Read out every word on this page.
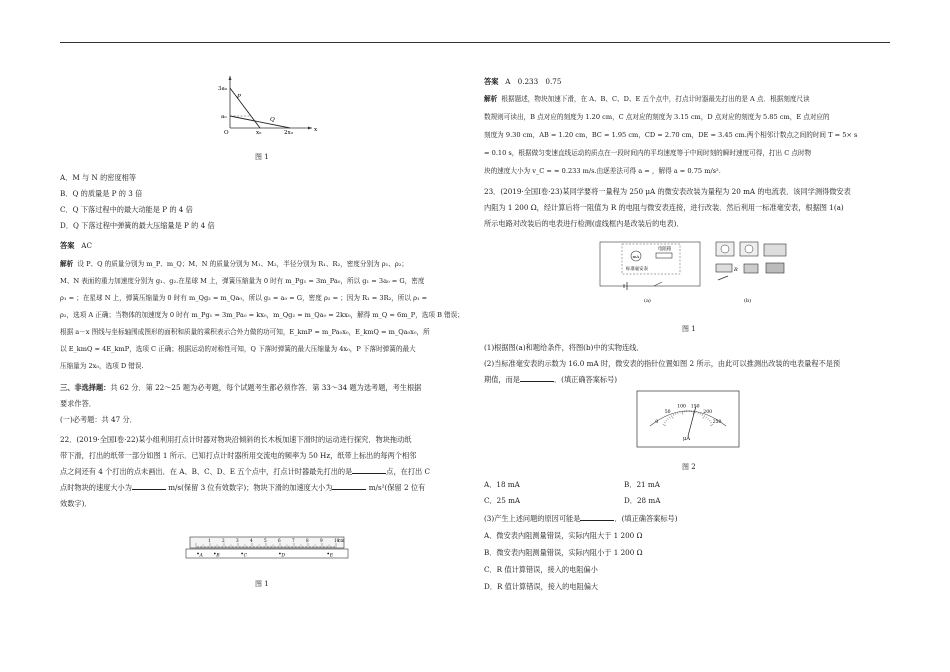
3a₀
a₀
O	x₀	2x₀	x
P
Q
图 1
A．M 与 N 的密度相等
B．Q 的质量是 P 的 3 倍
C．Q 下落过程中的最大动能是 P 的 4 倍
D．Q 下落过程中弹簧的最大压缩量是 P 的 4 倍
答案 AC
解析 设 P、Q 的质量分别为 m_P、m_Q；M、N 的质量分别为 M₁、M₂，半径分别为 R₁、R₂，密度分别为 ρ₁、ρ₂；
M、N 表面的重力加速度分别为 g₁、g₂.在星球 M 上，弹簧压缩量为 0 时有 m_Pg₁ = 3m_Pa₀，所以 g₁ = 3a₀ = G，密度
ρ₁ = ；在星球 N 上，弹簧压缩量为 0 时有 m_Qg₂ = m_Qa₀，所以 g₂ = a₀ = G，密度 ρ₂ = ；因为 R₁ = 3R₂，所以 ρ₁ =
ρ₂，选项 A 正确；当物体的加速度为 0 时有 m_Pg₁ = 3m_Pa₀ = kx₀，m_Qg₂ = m_Qa₀ = 2kx₀，解得 m_Q = 6m_P，选项 B 错误；
根据 a－x 图线与坐标轴围成图形的面积和质量的乘积表示合外力做的功可知，E_kmP = m_Pa₀x₀，E_kmQ = m_Qa₀x₀，所
以 E_kmQ = 4E_kmP，选项 C 正确；根据运动的对称性可知，Q 下落时弹簧的最大压缩量为 4x₀，P 下落时弹簧的最大
压缩量为 2x₀，选项 D 错误.
三、非选择题：共 62 分．第 22～25 题为必考题，每个试题考生都必须作答．第 33～34 题为选考题，考生根据
要求作答．
(一)必考题：共 47 分．
22．(2019·全国Ⅰ卷·22)某小组利用打点计时器对物块沿倾斜的长木板加速下滑时的运动进行探究．物块拖动纸
带下滑，打出的纸带一部分如图 1 所示．已知打点计时器所用交流电的频率为 50 Hz，纸带上标出的每两个相邻
点之间还有 4 个打出的点未画出．在 A、B、C、D、E 五个点中，打点计时器最先打出的是	点，在打出 C
点时物块的速度大小为	m/s(保留 3 位有效数字)；物块下滑的加速度大小为	m/s²(保留 2 位有
效数字)．
1	2	3	4	5	6	7	8	9	10
cm
A	B	C	D	E
图 1
答案 A　0.233　0.75
解析 根据题述，物块加速下滑，在 A、B、C、D、E 五个点中，打点计时器最先打出的是 A 点．根据刻度尺读
数规则可读出，B 点对应的刻度为 1.20 cm，C 点对应的刻度为 3.15 cm，D 点对应的刻度为 5.85 cm，E 点对应的
刻度为 9.30 cm，AB = 1.20 cm，BC = 1.95 cm，CD = 2.70 cm，DE = 3.45 cm.两个相邻计数点之间的时间 T = 5× s
= 0.10 s，根据做匀变速直线运动的质点在一段时间内的平均速度等于中间时刻的瞬时速度可得，打出 C 点时物
块的速度大小为 v_C = ≈ 0.233 m/s.由逐差法可得 a = ，解得 a = 0.75 m/s².
23．(2019·全国Ⅰ卷·23)某同学要将一量程为 250 μA 的微安表改装为量程为 20 mA 的电流表．该同学测得微安表
内阻为 1 200 Ω，经计算后将一阻值为 R 的电阻与微安表连接，进行改装．然后利用一标准毫安表，根据图 1(a)
所示电路对改装后的电表进行检测(虚线框内是改装后的电表)．
mA
电阻箱
标准毫安表
(a)
R
(b)
图 1
(1)根据图(a)和题给条件，将图(b)中的实物连线．
(2)当标准毫安表的示数为 16.0 mA 时，微安表的指针位置如图 2 所示，由此可以推测出改装的电表量程不是预
期值，而是	．(填正确答案标号)
0
50
100 150
200
250
μA
图 2
A．18 mA	B．21 mA
C．25 mA	D．28 mA
(3)产生上述问题的原因可能是	．(填正确答案标号)
A．微安表内阻测量错误，实际内阻大于 1 200 Ω
B．微安表内阻测量错误，实际内阻小于 1 200 Ω
C．R 值计算错误，接入的电阻偏小
D．R 值计算错误，接入的电阻偏大
